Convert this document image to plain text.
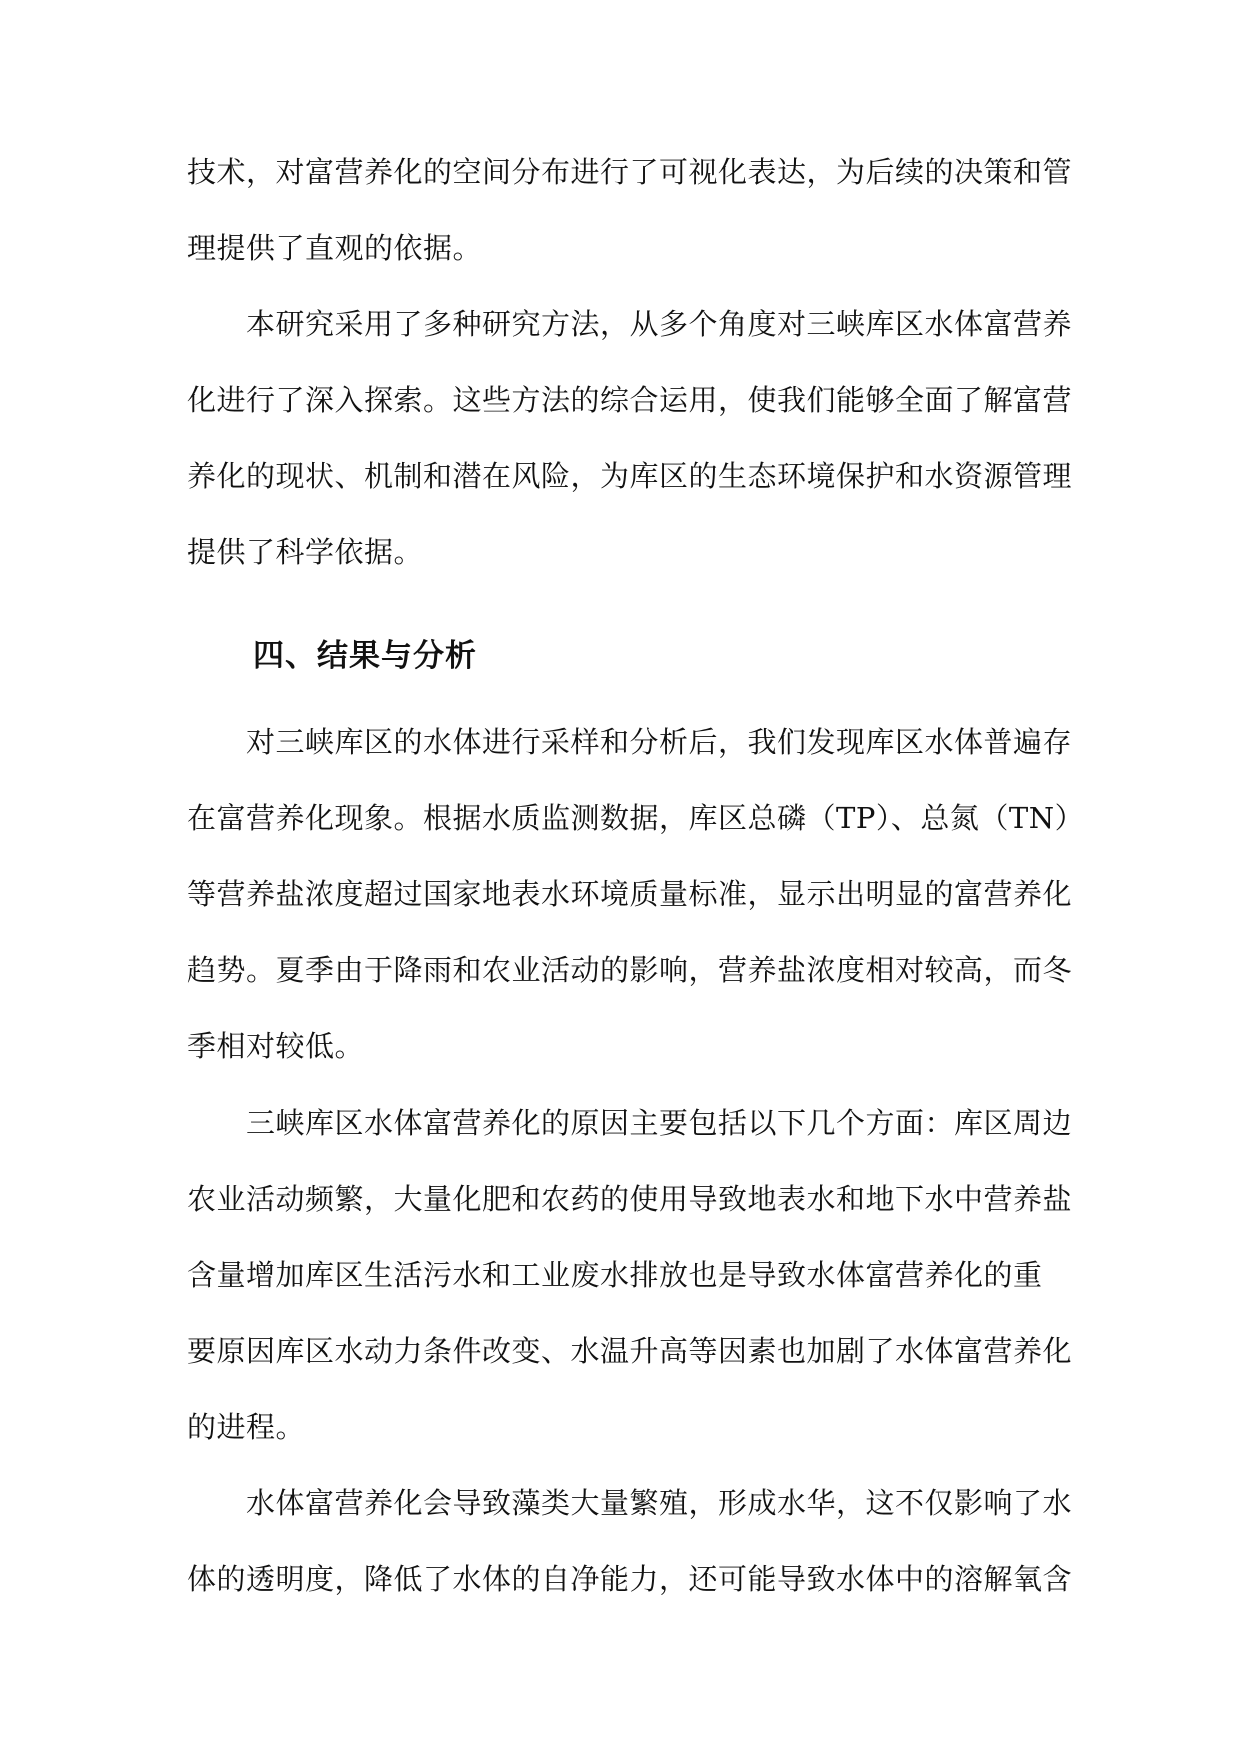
技术，对富营养化的空间分布进行了可视化表达，为后续的决策和管

理提供了直观的依据。

本研究采用了多种研究方法，从多个角度对三峡库区水体富营养

化进行了深入探索。这些方法的综合运用，使我们能够全面了解富营

养化的现状、机制和潜在风险，为库区的生态环境保护和水资源管理

提供了科学依据。

四、结果与分析

对三峡库区的水体进行采样和分析后，我们发现库区水体普遍存

在富营养化现象。根据水质监测数据，库区总磷（TP）、总氮（TN）

等营养盐浓度超过国家地表水环境质量标准，显示出明显的富营养化

趋势。夏季由于降雨和农业活动的影响，营养盐浓度相对较高，而冬

季相对较低。

三峡库区水体富营养化的原因主要包括以下几个方面：库区周边

农业活动频繁，大量化肥和农药的使用导致地表水和地下水中营养盐

含量增加库区生活污水和工业废水排放也是导致水体富营养化的重

要原因库区水动力条件改变、水温升高等因素也加剧了水体富营养化

的进程。

水体富营养化会导致藻类大量繁殖，形成水华，这不仅影响了水

体的透明度，降低了水体的自净能力，还可能导致水体中的溶解氧含
